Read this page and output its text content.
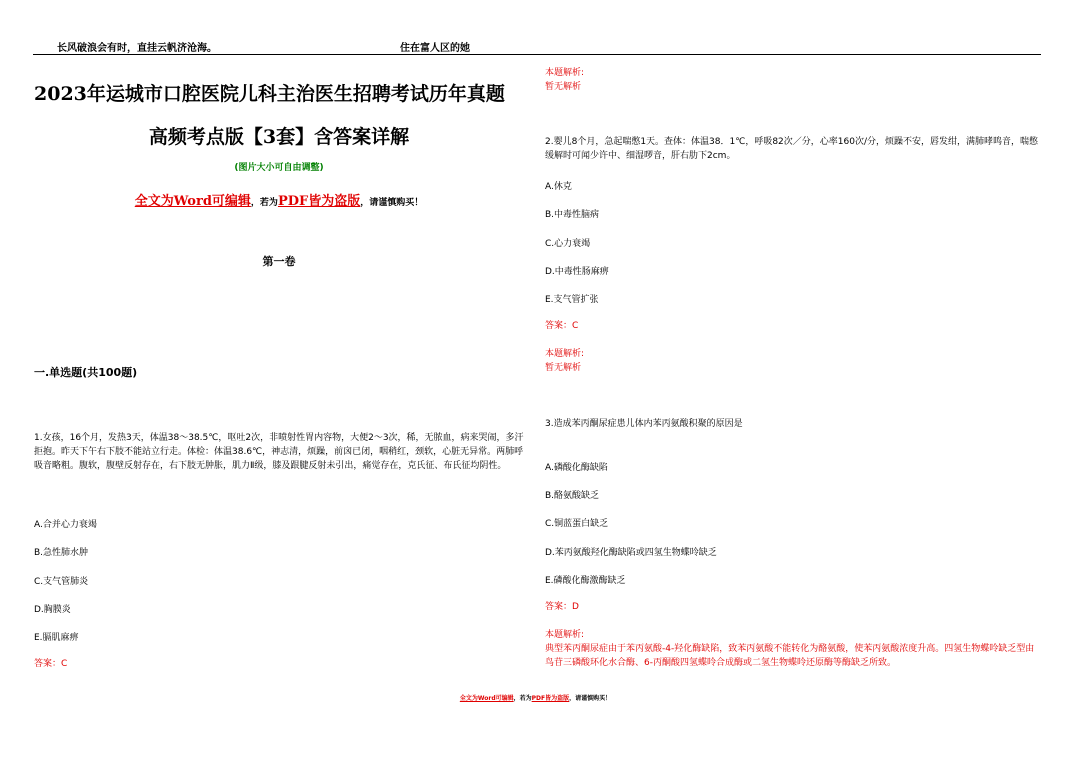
长风破浪会有时，直挂云帆济沧海。	住在富人区的她
2023年运城市口腔医院儿科主治医生招聘考试历年真题
高频考点版【3套】含答案详解
(图片大小可自由调整)
全文为Word可编辑，若为PDF皆为盗版，请谨慎购买！
第一卷
一.单选题(共100题)
1.女孩，16个月，发热3天，体温38～38.5℃，呕吐2次，非喷射性胃内容物，大便2～3次，稀，无脓血，病来哭闹，多汗拒抱。昨天下午右下肢不能站立行走。体检：体温38.6℃，神志清，烦躁，前囟已闭，咽稍红，颈软，心脏无异常。两肺呼吸音略粗。腹软，腹壁反射存在，右下肢无肿胀，肌力Ⅱ级，膝及跟腱反射未引出，痛觉存在，克氏征、布氏征均阴性。
A.合并心力衰竭
B.急性肺水肿
C.支气管肺炎
D.胸膜炎
E.膈肌麻痹
答案：C
本题解析:
暂无解析
2.婴儿8个月，急起喘憋1天。查体：体温38．1℃，呼吸82次／分，心率160次/分，烦躁不安，唇发绀，满肺哮鸣音，喘憋缓解时可闻少许中、细湿啰音，肝右肋下2cm。
A.休克
B.中毒性脑病
C.心力衰竭
D.中毒性肠麻痹
E.支气管扩张
答案：C
本题解析:
暂无解析
3.造成苯丙酮尿症患儿体内苯丙氨酸积聚的原因是
A.磷酸化酶缺陷
B.酪氨酸缺乏
C.铜蓝蛋白缺乏
D.苯丙氨酸羟化酶缺陷或四氢生物蝶呤缺乏
E.磷酸化酶激酶缺乏
答案：D
本题解析:
典型苯丙酮尿症由于苯丙氨酸-4-羟化酶缺陷，致苯丙氨酸不能转化为酪氨酸，使苯丙氨酸浓度升高。四氢生物蝶呤缺乏型由鸟苷三磷酸环化水合酶、6-丙酮酸四氢蝶呤合成酶或二氢生物蝶呤还原酶等酶缺乏所致。
全文为Word可编辑，若为PDF皆为盗版，请谨慎购买！
